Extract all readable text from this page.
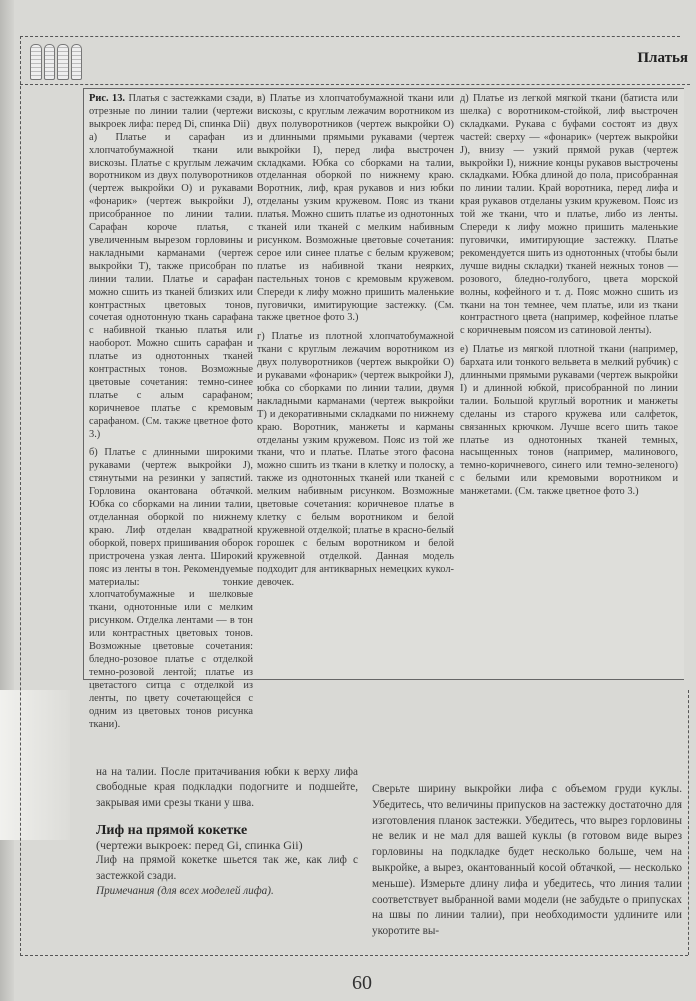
Платья

Рис. 13. Платья с застежками сзади, отрезные по линии талии (чертежи выкроек лифа: перед Di, спинка Dii)
а) Платье и сарафан из хлопчатобумажной ткани или вискозы. Платье с круглым лежачим воротником из двух полуворотников (чертеж выкройки O) и рукавами «фонарик» (чертеж выкройки J), присобранное по линии талии. Сарафан короче платья, с увеличенным вырезом горловины и накладными карманами (чертеж выкройки T), также присобран по линии талии. Платье и сарафан можно сшить из тканей близких или контрастных цветовых тонов, сочетая однотонную ткань сарафана с набивной тканью платья или наоборот. Можно сшить сарафан и платье из однотонных тканей контрастных тонов. Возможные цветовые сочетания: темно-синее платье с алым сарафаном; коричневое платье с кремовым сарафаном. (См. также цветное фото 3.)

б) Платье с длинными широкими рукавами (чертеж выкройки J), стянутыми на резинки у запястий. Горловина окантована обтачкой. Юбка со сборками на линии талии, отделанная оборкой по нижнему краю. Лиф отделан квадратной оборкой, поверх пришивания оборок пристрочена узкая лента. Широкий пояс из ленты в тон. Рекомендуемые материалы: тонкие хлопчатобумажные и шелковые ткани, однотонные или с мелким рисунком. Отделка лентами — в тон или контрастных цветовых тонов. Возможные цветовые сочетания: бледно-розовое платье с отделкой темно-розовой лентой; платье из цветастого ситца с отделкой из ленты, по цвету сочетающейся с одним из цветовых тонов рисунка ткани).

в) Платье из хлопчатобумажной ткани или вискозы, с круглым лежачим воротником из двух полуворотников (чертеж выкройки O) и длинными прямыми рукавами (чертеж выкройки I), перед лифа выстрочен складками. Юбка со сборками на талии, отделанная оборкой по нижнему краю. Воротник, лиф, края рукавов и низ юбки отделаны узким кружевом. Пояс из ткани платья. Можно сшить платье из однотонных тканей или тканей с мелким набивным рисунком. Возможные цветовые сочетания: серое или синее платье с белым кружевом; платье из набивной ткани неярких, пастельных тонов с кремовым кружевом. Спереди к лифу можно пришить маленькие пуговички, имитирующие застежку. (См. также цветное фото 3.)

г) Платье из плотной хлопчатобумажной ткани с круглым лежачим воротником из двух полуворотников (чертеж выкройки O) и рукавами «фонарик» (чертеж выкройки J), юбка со сборками по линии талии, двумя накладными карманами (чертеж выкройки T) и декоративными складками по нижнему краю. Воротник, манжеты и карманы отделаны узким кружевом. Пояс из той же ткани, что и платье. Платье этого фасона можно сшить из ткани в клетку и полоску, а также из однотонных тканей или тканей с мелким набивным рисунком. Возможные цветовые сочетания: коричневое платье в клетку с белым воротником и белой кружевной отделкой; платье в красно-белый горошек с белым воротником и белой кружевной отделкой. Данная модель подходит для антикварных немецких кукол-девочек.

д) Платье из легкой мягкой ткани (батиста или шелка) с воротником-стойкой, лиф выстрочен складками. Рукава с буфами состоят из двух частей: сверху — «фонарик» (чертеж выкройки J), внизу — узкий прямой рукав (чертеж выкройки I), нижние концы рукавов выстрочены складками. Юбка длиной до пола, присобранная по линии талии. Край воротника, перед лифа и края рукавов отделаны узким кружевом. Пояс из той же ткани, что и платье, либо из ленты. Спереди к лифу можно пришить маленькие пуговички, имитирующие застежку. Платье рекомендуется шить из однотонных (чтобы были лучше видны складки) тканей нежных тонов — розового, бледно-голубого, цвета морской волны, кофейного и т. д. Пояс можно сшить из ткани на тон темнее, чем платье, или из ткани контрастного цвета (например, кофейное платье с коричневым поясом из сатиновой ленты).

е) Платье из мягкой плотной ткани (например, бархата или тонкого вельвета в мелкий рубчик) с длинными прямыми рукавами (чертеж выкройки I) и длинной юбкой, присобранной по линии талии. Большой круглый воротник и манжеты сделаны из старого кружева или салфеток, связанных крючком. Лучше всего шить такое платье из однотонных тканей темных, насыщенных тонов (например, малинового, темно-коричневого, синего или темно-зеленого) с белыми или кремовыми воротником и манжетами. (См. также цветное фото 3.)

на на талии. После притачивания юбки к верху лифа свободные края подкладки подогните и подшейте, закрывая ими срезы ткани у шва.

Лиф на прямой кокетке

(чертежи выкроек: перед Gi, спинка Gii)

Лиф на прямой кокетке шьется так же, как лиф с застежкой сзади.

Примечания (для всех моделей лифа).

Сверьте ширину выкройки лифа с объемом груди куклы. Убедитесь, что величины припусков на застежку достаточно для изготовления планок застежки. Убедитесь, что вырез горловины не велик и не мал для вашей куклы (в готовом виде вырез горловины на подкладке будет несколько больше, чем на выкройке, а вырез, окантованный косой обтачкой, — несколько меньше). Измерьте длину лифа и убедитесь, что линия талии соответствует выбранной вами модели (не забудьте о припусках на швы по линии талии), при необходимости удлините или укоротите вы-

60
